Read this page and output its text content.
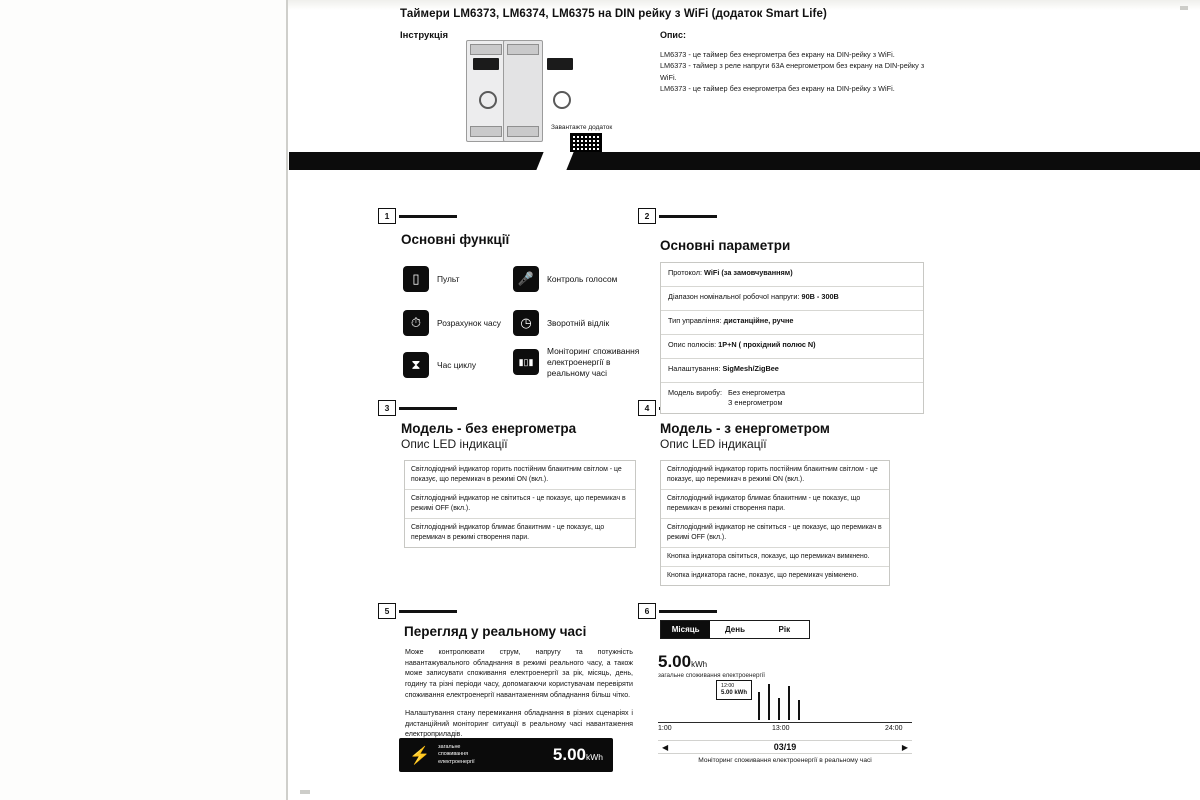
Таймери LM6373, LM6374, LM6375 на DIN рейку з WiFi (додаток Smart Life)
Інструкція	Опис:
LM6373 - це таймер без енергометра без екрану на DIN-рейку з WiFi.
LM6373 - таймер з реле напруги 63A енергометром без екрану на DIN-рейку з WiFi.
LM6373 - це таймер без енергометра без екрану на DIN-рейку з WiFi.
Завантажте додаток
1	2
3	4
5	6
Основні функції	Основні параметри
Модель - без енергометра
Опис LED індикації
Модель - з енергометром
Опис LED індикації
Перегляд у реальному часі
▯	Пульт	🎤	Контроль голосом
⏱	Розрахунок часу	◷	Зворотній відлік
⧗	Час циклу	▮▯▮
Моніторинг споживання електроенергії в реальному часі
Протокол: WiFi (за замовчуванням)
Діапазон номінальної робочої напруги: 90В - 300В
Тип управління: дистанційне, ручне
Опис полюсів: 1P+N ( прохідний полюс N)
Налаштування: SigMesh/ZigBee
Модель виробу: Без енергометра
З енергометром
Світлодіодний індикатор горить постійним блакитним світлом - це показує, що перемикач в режимі ON (вкл.).
Світлодіодний індикатор не світиться - це показує, що перемикач в режимі OFF (вкл.).
Світлодіодний індикатор блимає блакитним - це показує, що перемикач в режимі створення пари.
Світлодіодний індикатор горить постійним блакитним світлом - це показує, що перемикач в режимі ON (вкл.).
Світлодіодний індикатор блимає блакитним - це показує, що перемикач в режимі створення пари.
Світлодіодний індикатор не світиться - це показує, що перемикач в режимі OFF (вкл.).
Кнопка індикатора світиться, показує, що перемикач вимкнено.
Кнопка індикатора гасне, показує, що перемикач увімкнено.
Може контролювати струм, напругу та потужність навантажувального обладнання в режимі реального часу, а також може записувати споживання електроенергії за рік, місяць, день, годину та різні періоди часу, допомагаючи користувачам перевіряти споживання електроенергії навантаженням обладнання більш чітко.
Налаштування стану перемикання обладнання в різних сценаріях і дистанційний моніторинг ситуації в реальному часі навантаження електроприладів.
⚡ загальне споживання електроенергії	5.00kWh
Місяць	День	Рік
5.00kWh
загальне споживання електроенергії
12:00
5.00 kWh
1:00	13:00	24:00
◀	03/19	▶
Моніторинг споживання електроенергії в реальному часі
